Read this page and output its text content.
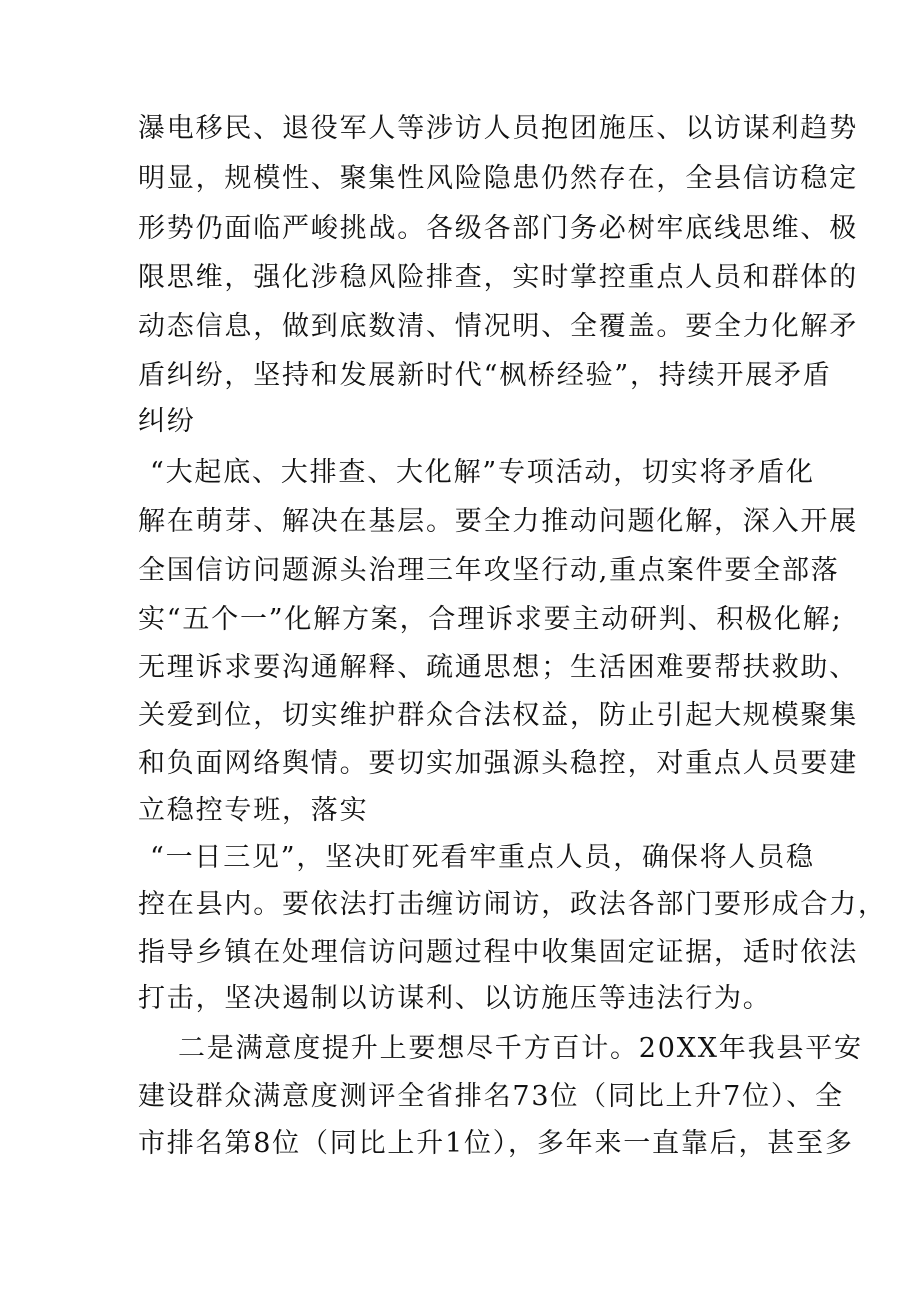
瀑电移民、退役军人等涉访人员抱团施压、以访谋利趋势
明显，规模性、聚集性风险隐患仍然存在，全县信访稳定
形势仍面临严峻挑战。各级各部门务必树牢底线思维、极
限思维，强化涉稳风险排查，实时掌控重点人员和群体的
动态信息，做到底数清、情况明、全覆盖。要全力化解矛
盾纠纷，坚持和发展新时代“枫桥经验”，持续开展矛盾
纠纷
“大起底、大排查、大化解”专项活动，切实将矛盾化
解在萌芽、解决在基层。要全力推动问题化解，深入开展
全国信访问题源头治理三年攻坚行动,重点案件要全部落
实“五个一”化解方案，合理诉求要主动研判、积极化解;
无理诉求要沟通解释、疏通思想；生活困难要帮扶救助、
关爱到位，切实维护群众合法权益，防止引起大规模聚集
和负面网络舆情。要切实加强源头稳控，对重点人员要建
立稳控专班，落实
“一日三见”，坚决盯死看牢重点人员，确保将人员稳
控在县内。要依法打击缠访闹访，政法各部门要形成合力，
指导乡镇在处理信访问题过程中收集固定证据，适时依法
打击，坚决遏制以访谋利、以访施压等违法行为。
二是满意度提升上要想尽千方百计。20XX年我县平安
建设群众满意度测评全省排名73位（同比上升7位）、全
市排名第8位（同比上升1位），多年来一直靠后，甚至多
